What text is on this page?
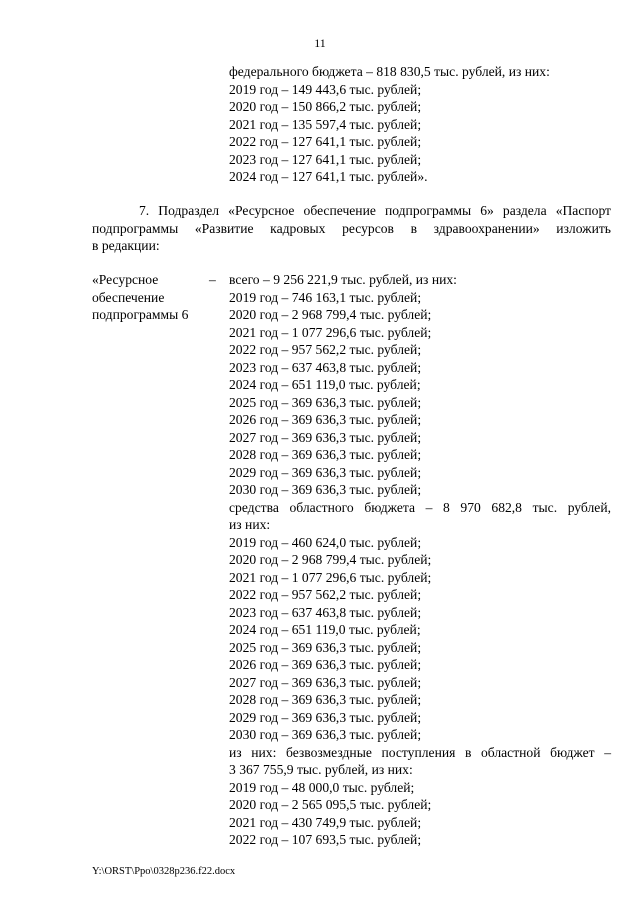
11
федерального бюджета – 818 830,5 тыс. рублей, из них:
2019 год – 149 443,6 тыс. рублей;
2020 год – 150 866,2 тыс. рублей;
2021 год – 135 597,4 тыс. рублей;
2022 год – 127 641,1 тыс. рублей;
2023 год – 127 641,1 тыс. рублей;
2024 год – 127 641,1 тыс. рублей».
7. Подраздел «Ресурсное обеспечение подпрограммы 6» раздела «Паспорт
подпрограммы «Развитие кадровых ресурсов в здравоохранении» изложить
в редакции:
«Ресурсное
обеспечение
подпрограммы 6
– всего – 9 256 221,9 тыс. рублей, из них:
2019 год – 746 163,1 тыс. рублей;
2020 год – 2 968 799,4 тыс. рублей;
2021 год – 1 077 296,6 тыс. рублей;
2022 год – 957 562,2 тыс. рублей;
2023 год – 637 463,8 тыс. рублей;
2024 год – 651 119,0 тыс. рублей;
2025 год – 369 636,3 тыс. рублей;
2026 год – 369 636,3 тыс. рублей;
2027 год – 369 636,3 тыс. рублей;
2028 год – 369 636,3 тыс. рублей;
2029 год – 369 636,3 тыс. рублей;
2030 год – 369 636,3 тыс. рублей;
средства областного бюджета – 8 970 682,8 тыс. рублей,
из них:
2019 год – 460 624,0 тыс. рублей;
2020 год – 2 968 799,4 тыс. рублей;
2021 год – 1 077 296,6 тыс. рублей;
2022 год – 957 562,2 тыс. рублей;
2023 год – 637 463,8 тыс. рублей;
2024 год – 651 119,0 тыс. рублей;
2025 год – 369 636,3 тыс. рублей;
2026 год – 369 636,3 тыс. рублей;
2027 год – 369 636,3 тыс. рублей;
2028 год – 369 636,3 тыс. рублей;
2029 год – 369 636,3 тыс. рублей;
2030 год – 369 636,3 тыс. рублей;
из них: безвозмездные поступления в областной бюджет –
3 367 755,9 тыс. рублей, из них:
2019 год – 48 000,0 тыс. рублей;
2020 год – 2 565 095,5 тыс. рублей;
2021 год – 430 749,9 тыс. рублей;
2022 год – 107 693,5 тыс. рублей;
Y:\ORST\Ppo\0328p236.f22.docx
